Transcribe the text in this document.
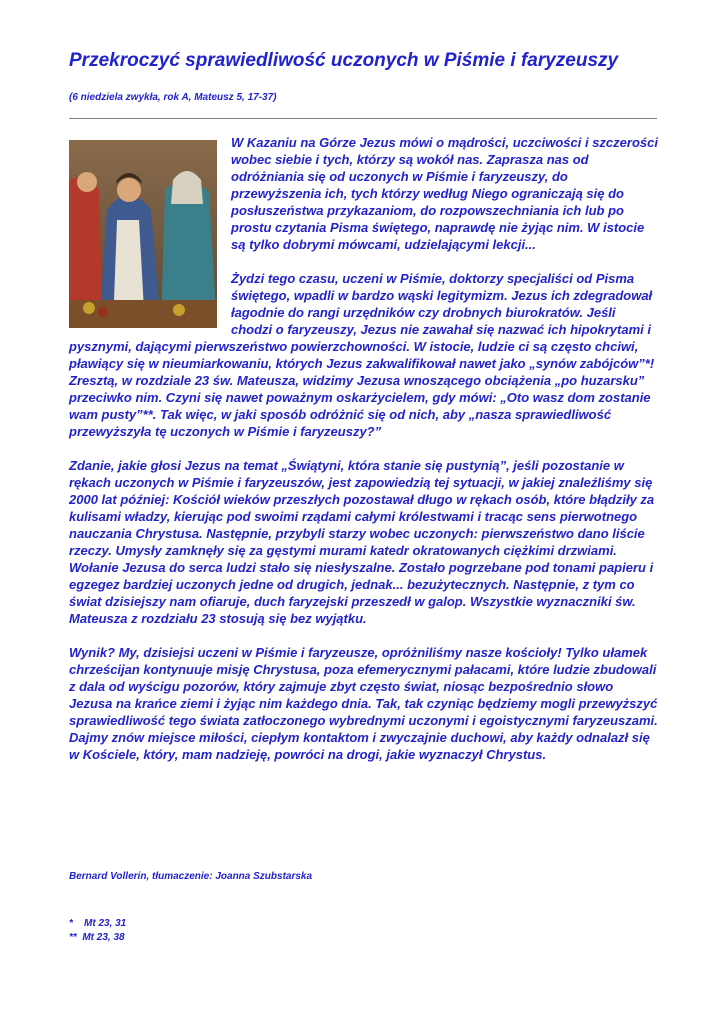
Przekroczyć sprawiedliwość uczonych w Piśmie i faryzeuszy
(6 niedziela zwykła, rok A, Mateusz 5, 17-37)

W Kazaniu na Górze Jezus mówi o mądrości, uczciwości i szczerości wobec siebie i tych, którzy są wokół nas. Zaprasza nas od odróżniania się od uczonych w Piśmie i faryzeuszy, do przewyższenia ich, tych którzy według Niego ograniczają się do posłuszeństwa przykazaniom, do rozpowszechniania ich lub po prostu czytania Pisma świętego, naprawdę nie żyjąc nim. W istocie są tylko dobrymi mówcami, udzielającymi lekcji...

Żydzi tego czasu, uczeni w Piśmie, doktorzy specjaliści od Pisma świętego, wpadli w bardzo wąski legitymizm. Jezus ich zdegradował łagodnie do rangi urzędników czy drobnych biurokratów. Jeśli chodzi o faryzeuszy, Jezus nie zawahał się nazwać ich hipokrytami i pysznymi, dającymi pierwszeństwo powierzchowności. W istocie, ludzie ci są często chciwi, pławiący się w nieumiarkowaniu, których Jezus zakwalifikował nawet jako „synów zabójców”*! Zresztą, w rozdziale 23 św. Mateusza, widzimy Jezusa wnoszącego obciążenia „po huzarsku” przeciwko nim. Czyni się nawet poważnym oskarżycielem, gdy mówi: „Oto wasz dom zostanie wam pusty”**. Tak więc, w jaki sposób odróżnić się od nich, aby „nasza sprawiedliwość przewyższyła tę uczonych w Piśmie i faryzeuszy?”

Zdanie, jakie głosi Jezus na temat „Świątyni, która stanie się pustynią”, jeśli pozostanie w rękach uczonych w Piśmie i faryzeuszów, jest zapowiedzią tej sytuacji, w jakiej znaleźliśmy się 2000 lat później: Kościół wieków przeszłych pozostawał długo w rękach osób, które błądziły za kulisami władzy, kierując pod swoimi rządami całymi królestwami i tracąc sens pierwotnego nauczania Chrystusa. Następnie, przybyli starzy wobec uczonych: pierwszeństwo dano liście rzeczy. Umysły zamknęły się za gęstymi murami katedr okratowanych ciężkimi drzwiami. Wołanie Jezusa do serca ludzi stało się niesłyszalne. Zostało pogrzebane pod tonami papieru i egzegez bardziej uczonych jedne od drugich, jednak... bezużytecznych. Następnie, z tym co świat dzisiejszy nam ofiaruje, duch faryzejski przeszedł w galop. Wszystkie wyznaczniki św. Mateusza z rozdziału 23 stosują się bez wyjątku.

Wynik? My, dzisiejsi uczeni w Piśmie i faryzeusze, opróżniliśmy nasze kościoły! Tylko ułamek chrześcijan kontynuuje misję Chrystusa, poza efemerycznymi pałacami, które ludzie zbudowali z dala od wyścigu pozorów, który zajmuje zbyt często świat, niosąc bezpośrednio słowo Jezusa na krańce ziemi i żyjąc nim każdego dnia. Tak, tak czyniąc będziemy mogli przewyższyć sprawiedliwość tego świata zatłoczonego wybrednymi uczonymi i egoistycznymi faryzeuszami. Dajmy znów miejsce miłości, ciepłym kontaktom i zwyczajnie duchowi, aby każdy odnalazł się w Kościele, który, mam nadzieję, powróci na drogi, jakie wyznaczył Chrystus.

Bernard Vollerin, tłumaczenie: Joanna Szubstarska
*    Mt 23, 31
**  Mt 23, 38
